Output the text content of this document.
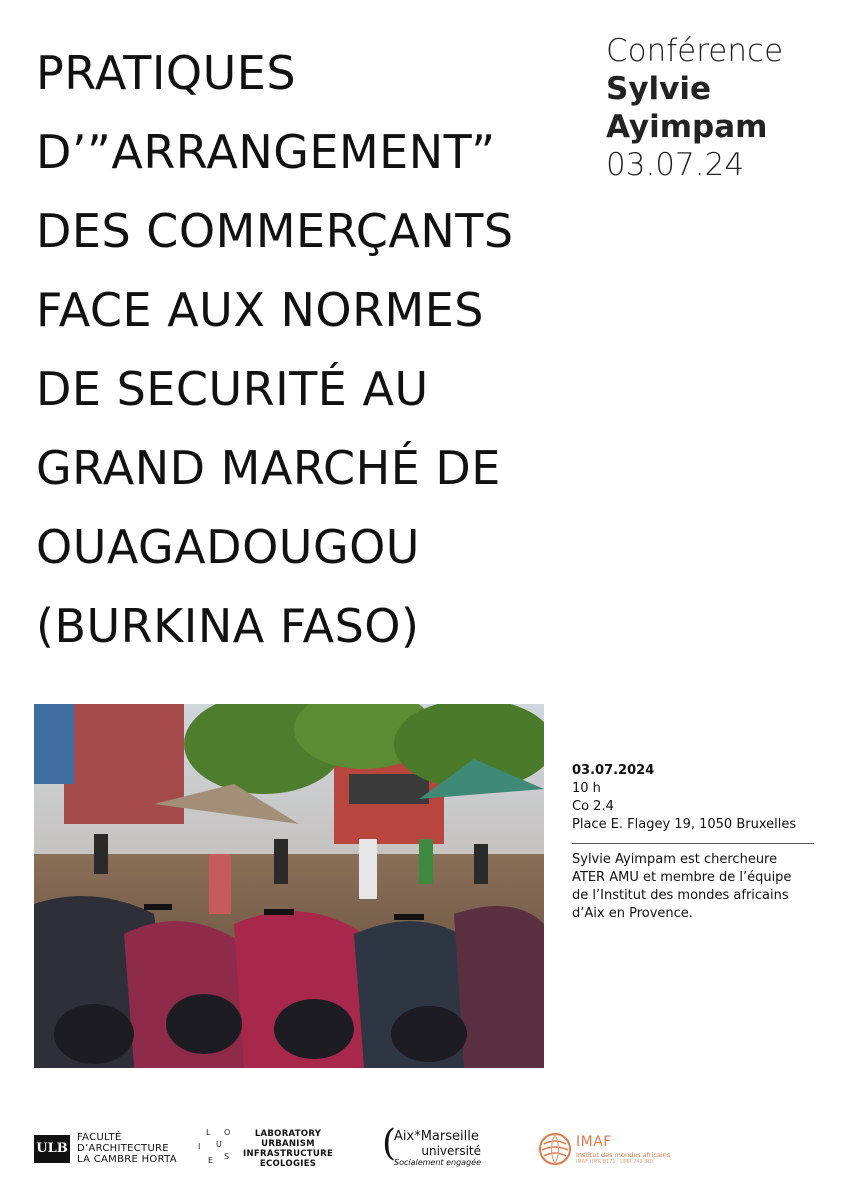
PRATIQUES
D’”ARRANGEMENT”
DES COMMERÇANTS
FACE AUX NORMES
DE SECURITÉ AU
GRAND MARCHÉ DE
OUAGADOUGOU
(BURKINA FASO)
Conférence
Sylvie
Ayimpam
03.07.24
03.07.2024
10 h
Co 2.4
Place E. Flagey 19, 1050 Bruxelles
Sylvie Ayimpam est chercheure
ATER AMU et membre de l’équipe
de l’Institut des mondes africains
d’Aix en Provence.
ULB
FACULTÉ
D’ARCHITECTURE
LA CAMBRE HORTA
L O
U
I
S
E
LABORATORY
URBANISM
INFRASTRUCTURE
ECOLOGIES	(
Aix*Marseille
université
Socialement engagée
IMAF
Institut des mondes africains
IMAF UMR 8171 · UMR 243 IRD
